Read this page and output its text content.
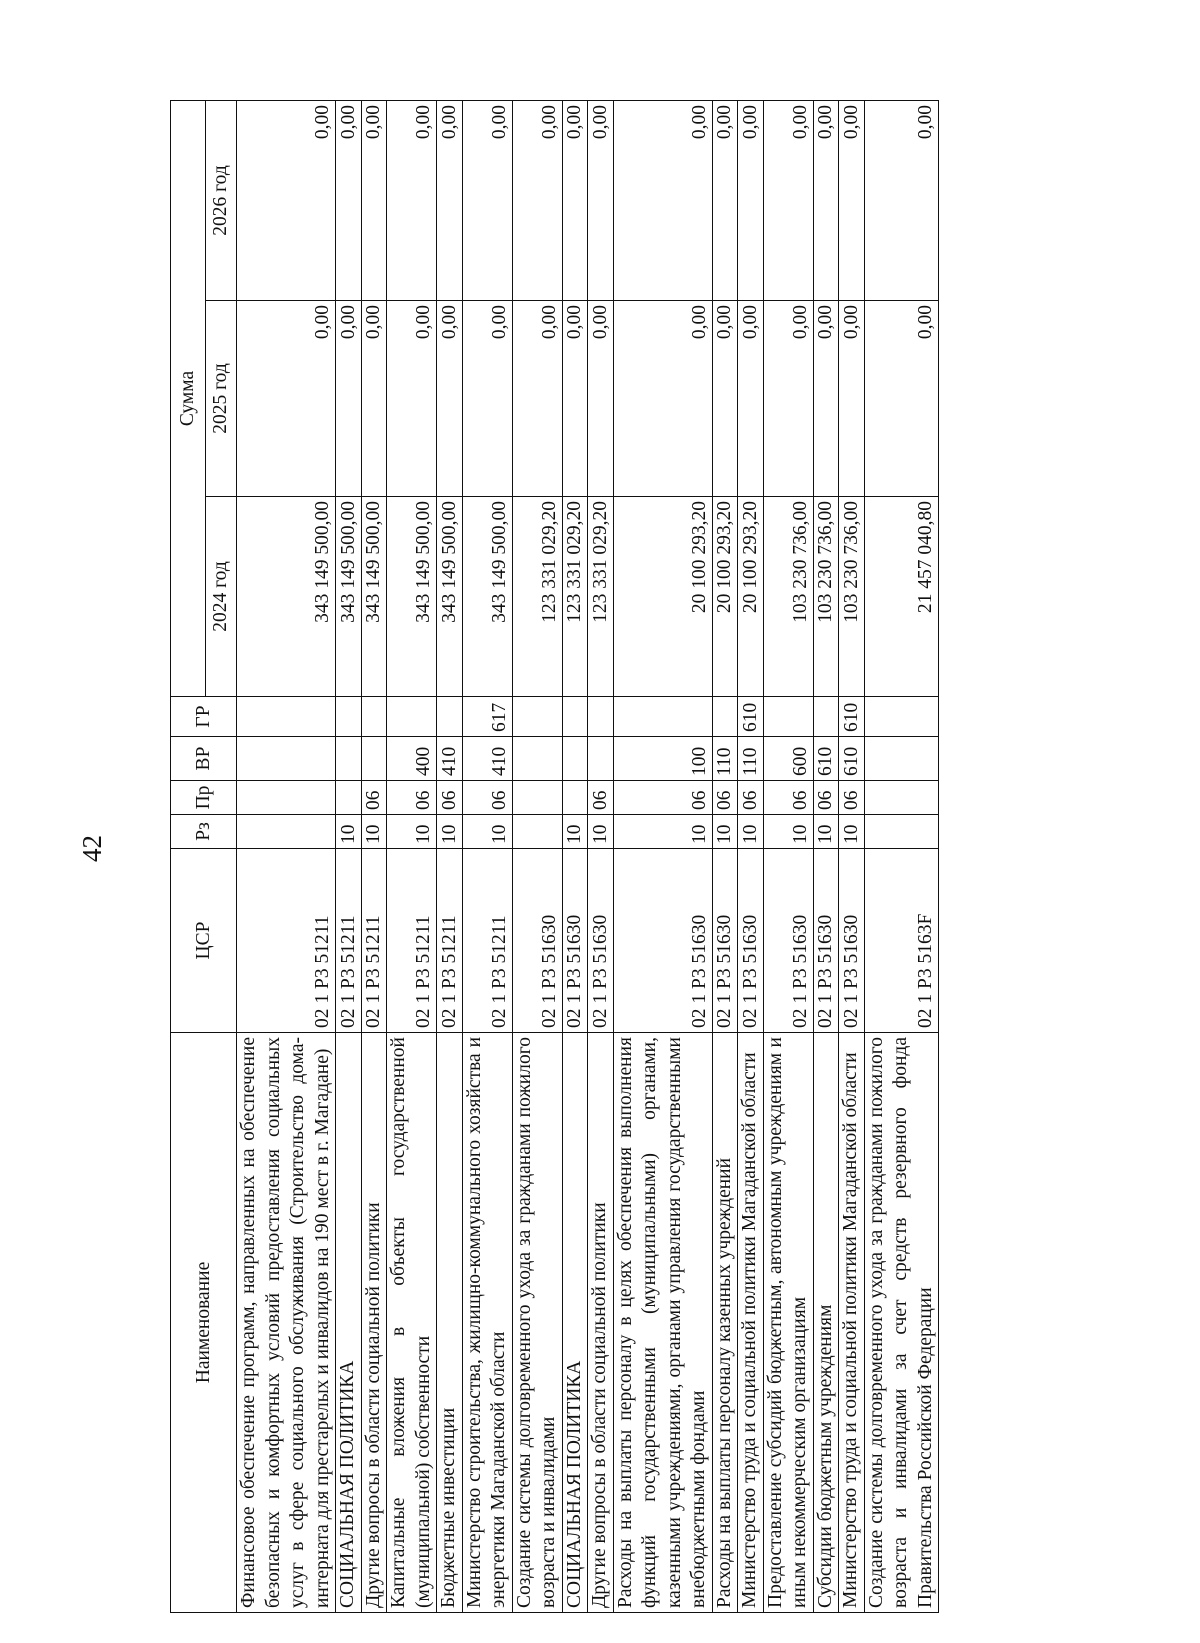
42
Наименование	ЦСР	Рз	Пр	ВР	ГР	Сумма		
						2024 год	2025 год	2026 год
Финансовое обеспечение программ, направленных на обеспечение безопасных и комфортных условий предоставления социальных услуг в сфере социального обслуживания (Строительство дома-интерната для престарелых и инвалидов на 190 мест в г. Магадане)	02 1 Р3 51211					343 149 500,00	0,00	0,00
СОЦИАЛЬНАЯ ПОЛИТИКА	02 1 Р3 51211	10				343 149 500,00	0,00	0,00
Другие вопросы в области социальной политики	02 1 Р3 51211	10	06			343 149 500,00	0,00	0,00
Капитальные вложения в объекты государственной (муниципальной) собственности	02 1 Р3 51211	10	06	400		343 149 500,00	0,00	0,00
Бюджетные инвестиции	02 1 Р3 51211	10	06	410		343 149 500,00	0,00	0,00
Министерство строительства, жилищно-коммунального хозяйства и энергетики Магаданской области	02 1 Р3 51211	10	06	410	617	343 149 500,00	0,00	0,00
Создание системы долговременного ухода за гражданами пожилого возраста и инвалидами	02 1 Р3 51630					123 331 029,20	0,00	0,00
СОЦИАЛЬНАЯ ПОЛИТИКА	02 1 Р3 51630	10				123 331 029,20	0,00	0,00
Другие вопросы в области социальной политики	02 1 Р3 51630	10	06			123 331 029,20	0,00	0,00
Расходы на выплаты персоналу в целях обеспечения выполнения функций государственными (муниципальными) органами, казенными учреждениями, органами управления государственными внебюджетными фондами	02 1 Р3 51630	10	06	100		20 100 293,20	0,00	0,00
Расходы на выплаты персоналу казенных учреждений	02 1 Р3 51630	10	06	110		20 100 293,20	0,00	0,00
Министерство труда и социальной политики Магаданской области	02 1 Р3 51630	10	06	110	610	20 100 293,20	0,00	0,00
Предоставление субсидий бюджетным, автономным учреждениям и иным некоммерческим организациям	02 1 Р3 51630	10	06	600		103 230 736,00	0,00	0,00
Субсидии бюджетным учреждениям	02 1 Р3 51630	10	06	610		103 230 736,00	0,00	0,00
Министерство труда и социальной политики Магаданской области	02 1 Р3 51630	10	06	610	610	103 230 736,00	0,00	0,00
Создание системы долговременного ухода за гражданами пожилого возраста и инвалидами за счет средств резервного фонда Правительства Российской Федерации	02 1 Р3 5163F					21 457 040,80	0,00	0,00
